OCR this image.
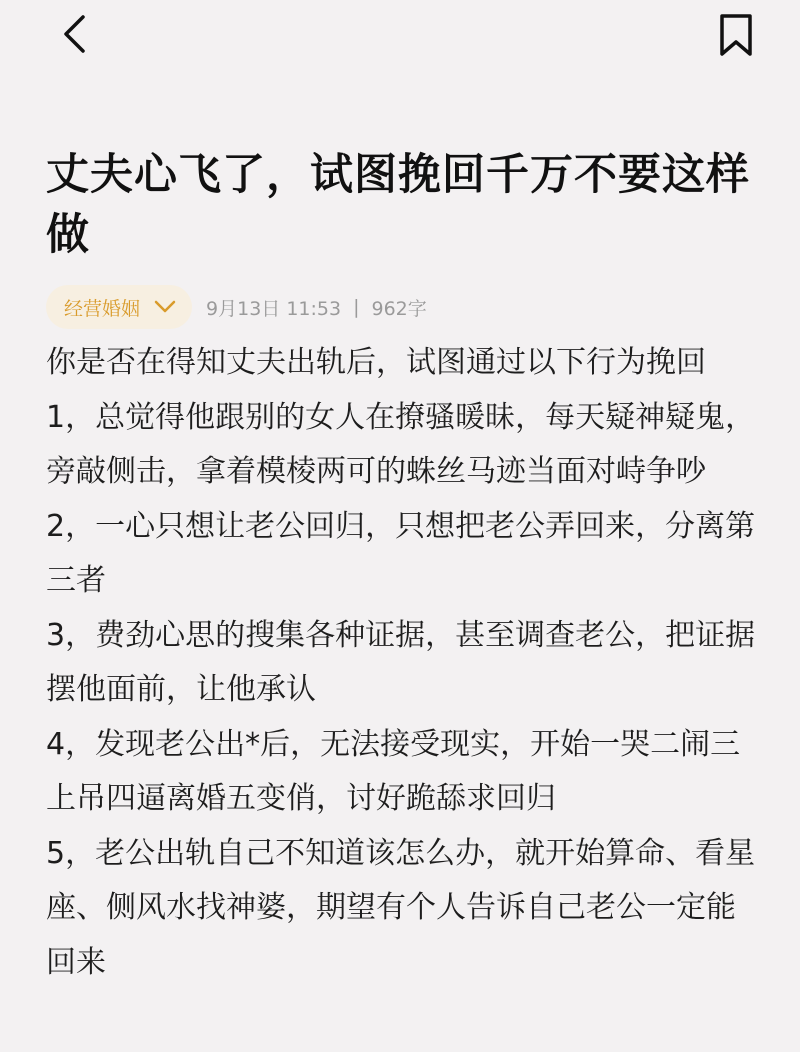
丈夫心飞了，试图挽回千万不要这样做
经营婚姻	9月13日 11:53 | 962字

你是否在得知丈夫出轨后，试图通过以下行为挽回

1，总觉得他跟别的女人在撩骚暖昧，每天疑神疑鬼，旁敲侧击，拿着模棱两可的蛛丝马迹当面对峙争吵

2，一心只想让老公回归，只想把老公弄回来，分离第三者

3，费劲心思的搜集各种证据，甚至调查老公，把证据摆他面前，让他承认

4，发现老公出*后，无法接受现实，开始一哭二闹三上吊四逼离婚五变俏，讨好跪舔求回归

5，老公出轨自己不知道该怎么办，就开始算命、看星座、侧风水找神婆，期望有个人告诉自己老公一定能回来
